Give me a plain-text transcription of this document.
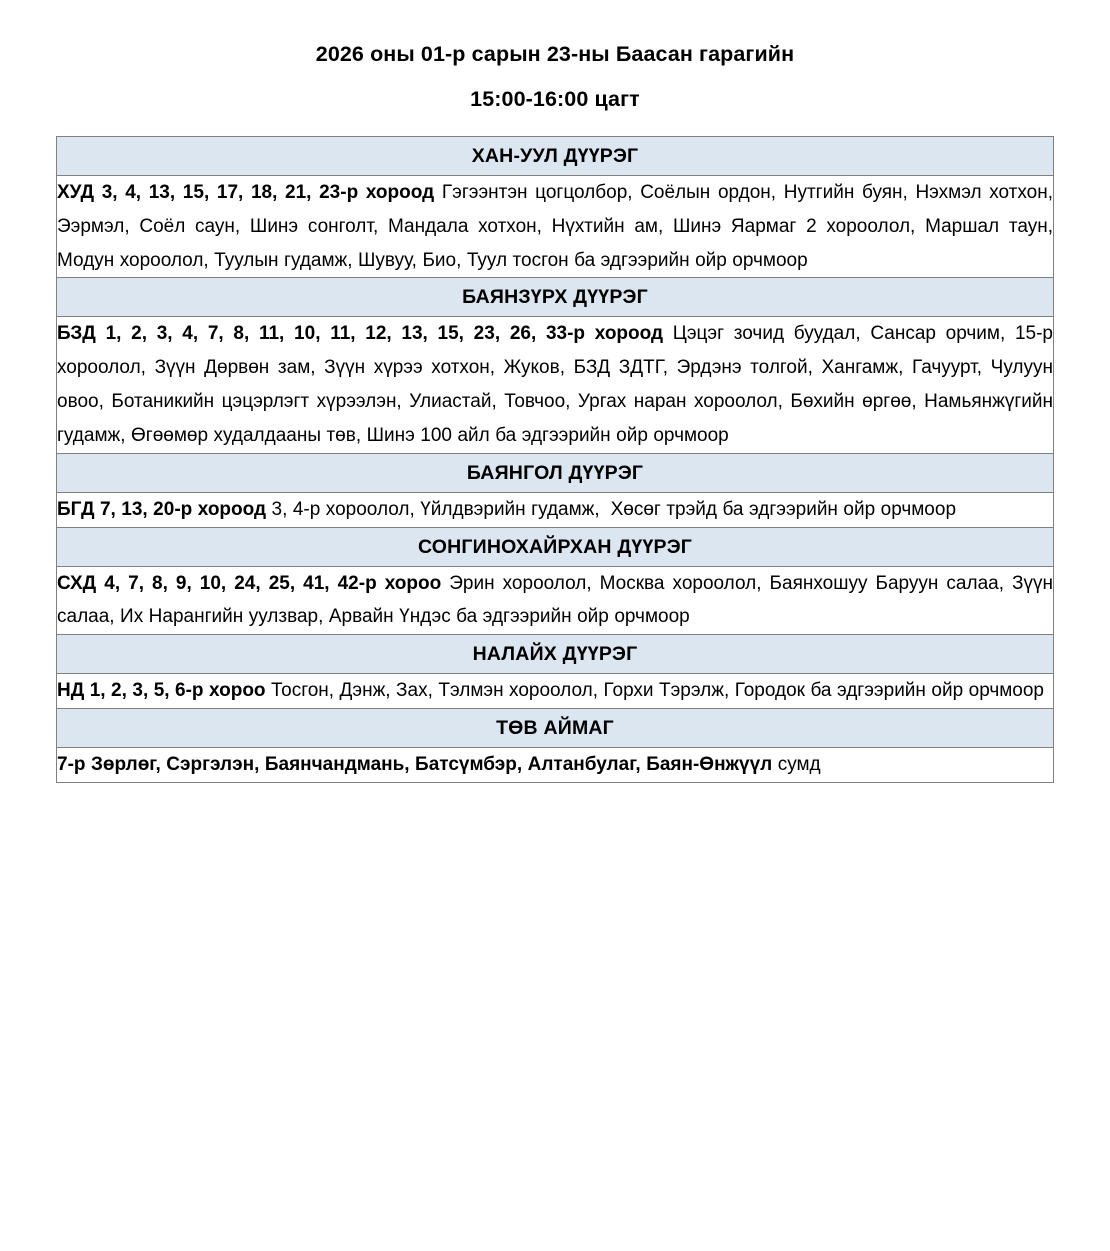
2026 оны 01-р сарын 23-ны Баасан гарагийн
15:00-16:00 цагт
ХАН-УУЛ ДҮҮРЭГ
ХУД 3, 4, 13, 15, 17, 18, 21, 23-р хороод Гэгээнтэн цогцолбор, Соёлын ордон, Нутгийн буян, Нэхмэл хотхон, Ээрмэл, Соёл саун, Шинэ сонголт, Мандала хотхон, Нүхтийн ам, Шинэ Яармаг 2 хороолол, Маршал таун, Модун хороолол, Туулын гудамж, Шувуу, Био, Туул тосгон ба эдгээрийн ойр орчмоор
БАЯНЗҮРХ ДҮҮРЭГ
БЗД 1, 2, 3, 4, 7, 8, 11, 10, 11, 12, 13, 15, 23, 26, 33-р хороод Цэцэг зочид буудал, Сансар орчим, 15-р хороолол, Зүүн Дөрвөн зам, Зүүн хүрээ хотхон, Жуков, БЗД ЗДТГ, Эрдэнэ толгой, Хангамж, Гачуурт, Чулуун овоо, Ботаникийн цэцэрлэгт хүрээлэн, Улиастай, Товчоо, Ургах наран хороолол, Бөхийн өргөө, Намьянжүгийн гудамж, Өгөөмөр худалдааны төв, Шинэ 100 айл ба эдгээрийн ойр орчмоор
БАЯНГОЛ ДҮҮРЭГ
БГД 7, 13, 20-р хороод 3, 4-р хороолол, Үйлдвэрийн гудамж,  Хөсөг трэйд ба эдгээрийн ойр орчмоор
СОНГИНОХАЙРХАН ДҮҮРЭГ
СХД 4, 7, 8, 9, 10, 24, 25, 41, 42-р хороо Эрин хороолол, Москва хороолол, Баянхошуу Баруун салаа, Зүүн салаа, Их Нарангийн уулзвар, Арвайн Үндэс ба эдгээрийн ойр орчмоор
НАЛАЙХ ДҮҮРЭГ
НД 1, 2, 3, 5, 6-р хороо Тосгон, Дэнж, Зах, Тэлмэн хороолол, Горхи Тэрэлж, Городок ба эдгээрийн ойр орчмоор
ТӨВ АЙМАГ
7-р Зөрлөг, Сэргэлэн, Баянчандмань, Батсүмбэр, Алтанбулаг, Баян-Өнжүүл сумд
